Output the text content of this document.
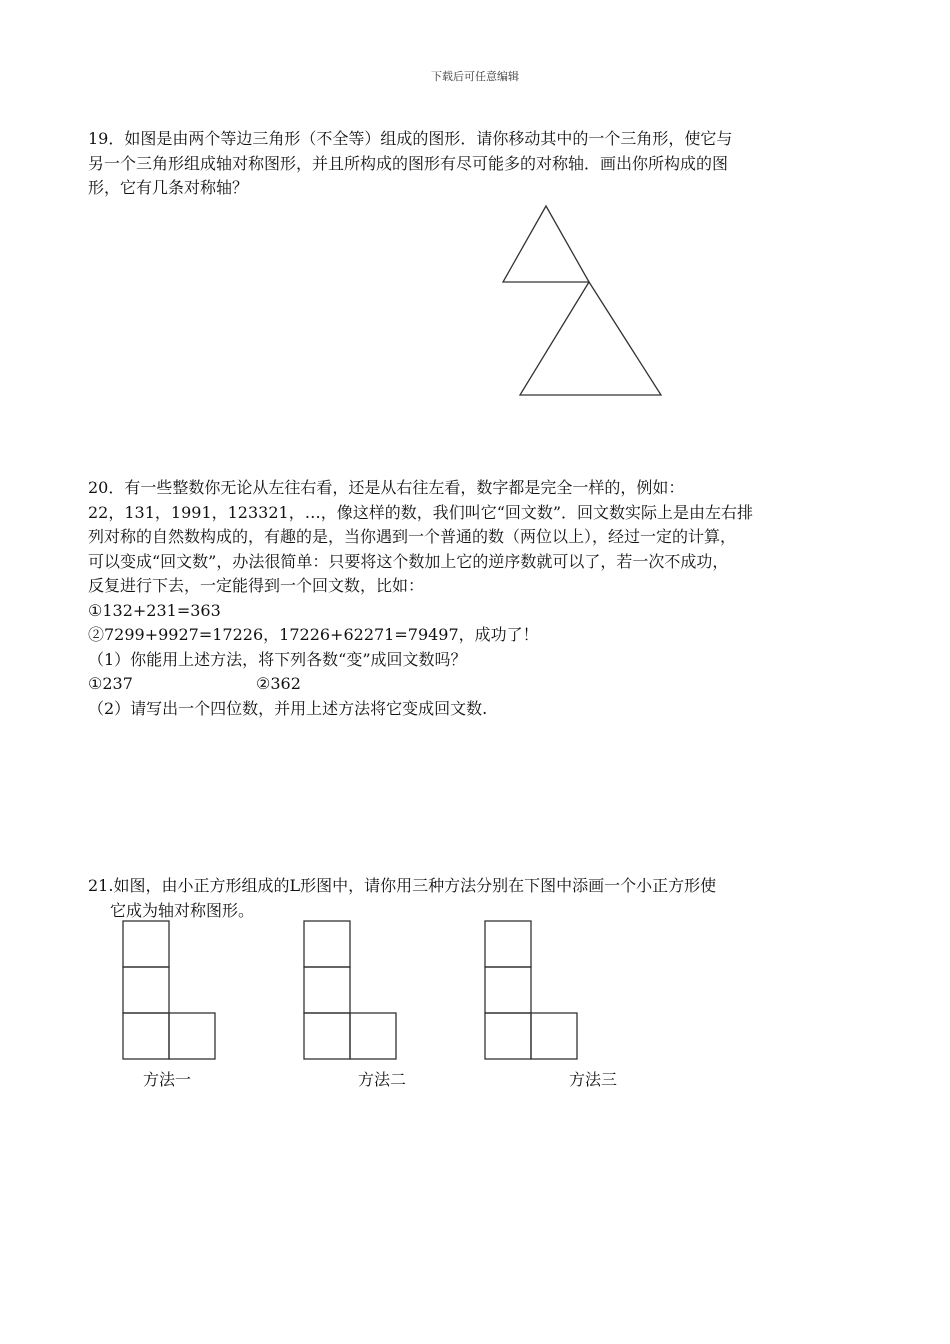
下载后可任意编辑

19．如图是由两个等边三角形（不全等）组成的图形．请你移动其中的一个三角形，使它与

另一个三角形组成轴对称图形，并且所构成的图形有尽可能多的对称轴．画出你所构成的图

形，它有几条对称轴？

20．有一些整数你无论从左往右看，还是从右往左看，数字都是完全一样的，例如：

22，131，1991，123321，…，像这样的数，我们叫它“回文数”．回文数实际上是由左右排

列对称的自然数构成的，有趣的是，当你遇到一个普通的数（两位以上），经过一定的计算，

可以变成“回文数”，办法很简单：只要将这个数加上它的逆序数就可以了，若一次不成功，

反复进行下去，一定能得到一个回文数，比如：

①132+231=363

②7299+9927=17226，17226+62271=79497，成功了！

（1）你能用上述方法，将下列各数“变”成回文数吗？

①237	②362

（2）请写出一个四位数，并用上述方法将它变成回文数.

21.如图，由小正方形组成的L形图中，请你用三种方法分别在下图中添画一个小正方形使

它成为轴对称图形。

方法一	方法二	方法三
